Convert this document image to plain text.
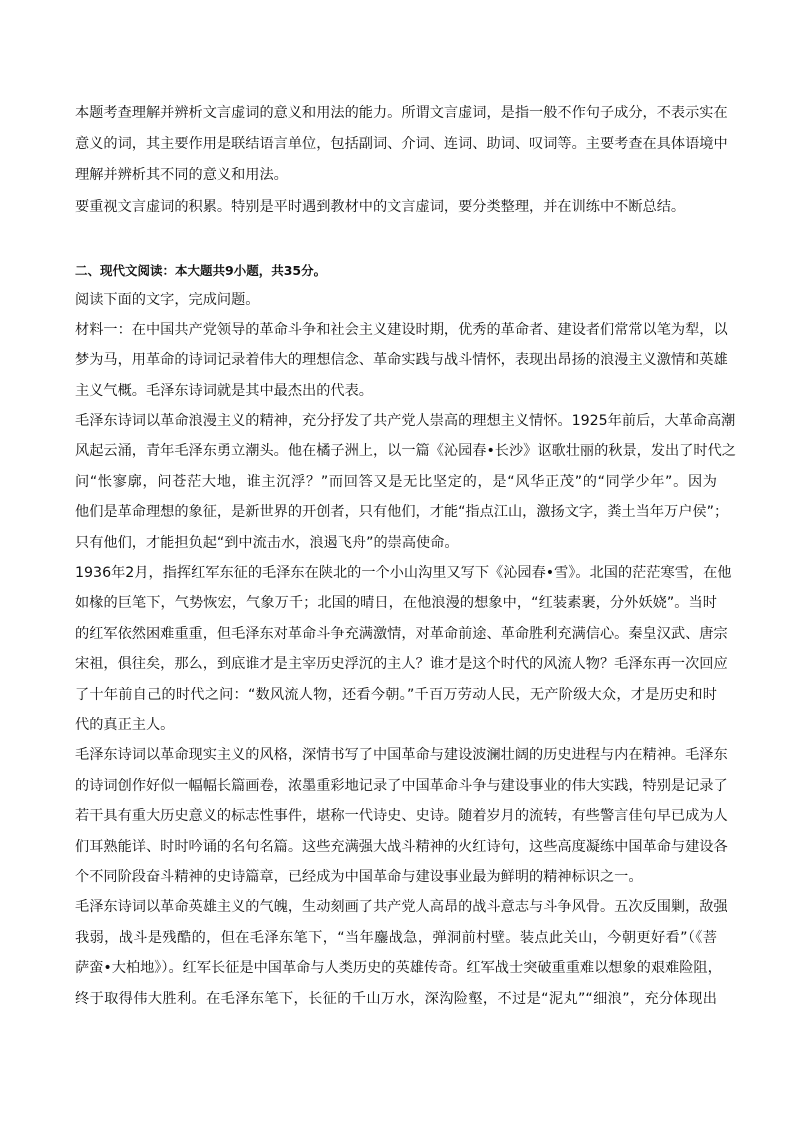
本题考查理解并辨析文言虚词的意义和用法的能力。所谓文言虚词，是指一般不作句子成分，不表示实在
意义的词，其主要作用是联结语言单位，包括副词、介词、连词、助词、叹词等。主要考查在具体语境中
理解并辨析其不同的意义和用法。
要重视文言虚词的积累。特别是平时遇到教材中的文言虚词，要分类整理，并在训练中不断总结。
二、现代文阅读：本大题共9小题，共35分。
阅读下面的文字，完成问题。
材料一：在中国共产党领导的革命斗争和社会主义建设时期，优秀的革命者、建设者们常常以笔为犁，以
梦为马，用革命的诗词记录着伟大的理想信念、革命实践与战斗情怀，表现出昂扬的浪漫主义激情和英雄
主义气概。毛泽东诗词就是其中最杰出的代表。
毛泽东诗词以革命浪漫主义的精神，充分抒发了共产党人崇高的理想主义情怀。1925年前后，大革命高潮
风起云涌，青年毛泽东勇立潮头。他在橘子洲上，以一篇《沁园春•长沙》讴歌壮丽的秋景，发出了时代之
问“怅寥廓，问苍茫大地，谁主沉浮？”而回答又是无比坚定的，是“风华正茂”的“同学少年”。因为
他们是革命理想的象征，是新世界的开创者，只有他们，才能“指点江山，激扬文字，粪土当年万户侯”；
只有他们，才能担负起“到中流击水，浪遏飞舟”的崇高使命。
1936年2月，指挥红军东征的毛泽东在陕北的一个小山沟里又写下《沁园春•雪》。北国的茫茫寒雪，在他
如椽的巨笔下，气势恢宏，气象万千；北国的晴日，在他浪漫的想象中，“红装素裹，分外妖娆”。当时
的红军依然困难重重，但毛泽东对革命斗争充满激情，对革命前途、革命胜利充满信心。秦皇汉武、唐宗
宋祖，俱往矣，那么，到底谁才是主宰历史浮沉的主人？谁才是这个时代的风流人物？毛泽东再一次回应
了十年前自己的时代之问：“数风流人物，还看今朝。”千百万劳动人民，无产阶级大众，才是历史和时
代的真正主人。
毛泽东诗词以革命现实主义的风格，深情书写了中国革命与建设波澜壮阔的历史进程与内在精神。毛泽东
的诗词创作好似一幅幅长篇画卷，浓墨重彩地记录了中国革命斗争与建设事业的伟大实践，特别是记录了
若干具有重大历史意义的标志性事件，堪称一代诗史、史诗。随着岁月的流转，有些警言佳句早已成为人
们耳熟能详、时时吟诵的名句名篇。这些充满强大战斗精神的火红诗句，这些高度凝练中国革命与建设各
个不同阶段奋斗精神的史诗篇章，已经成为中国革命与建设事业最为鲜明的精神标识之一。
毛泽东诗词以革命英雄主义的气魄，生动刻画了共产党人高昂的战斗意志与斗争风骨。五次反围剿，敌强
我弱，战斗是残酷的，但在毛泽东笔下，“当年鏖战急，弹洞前村壁。装点此关山，今朝更好看”（《菩
萨蛮•大柏地》）。红军长征是中国革命与人类历史的英雄传奇。红军战士突破重重难以想象的艰难险阻，
终于取得伟大胜利。在毛泽东笔下，长征的千山万水，深沟险壑，不过是“泥丸”“细浪”，充分体现出
